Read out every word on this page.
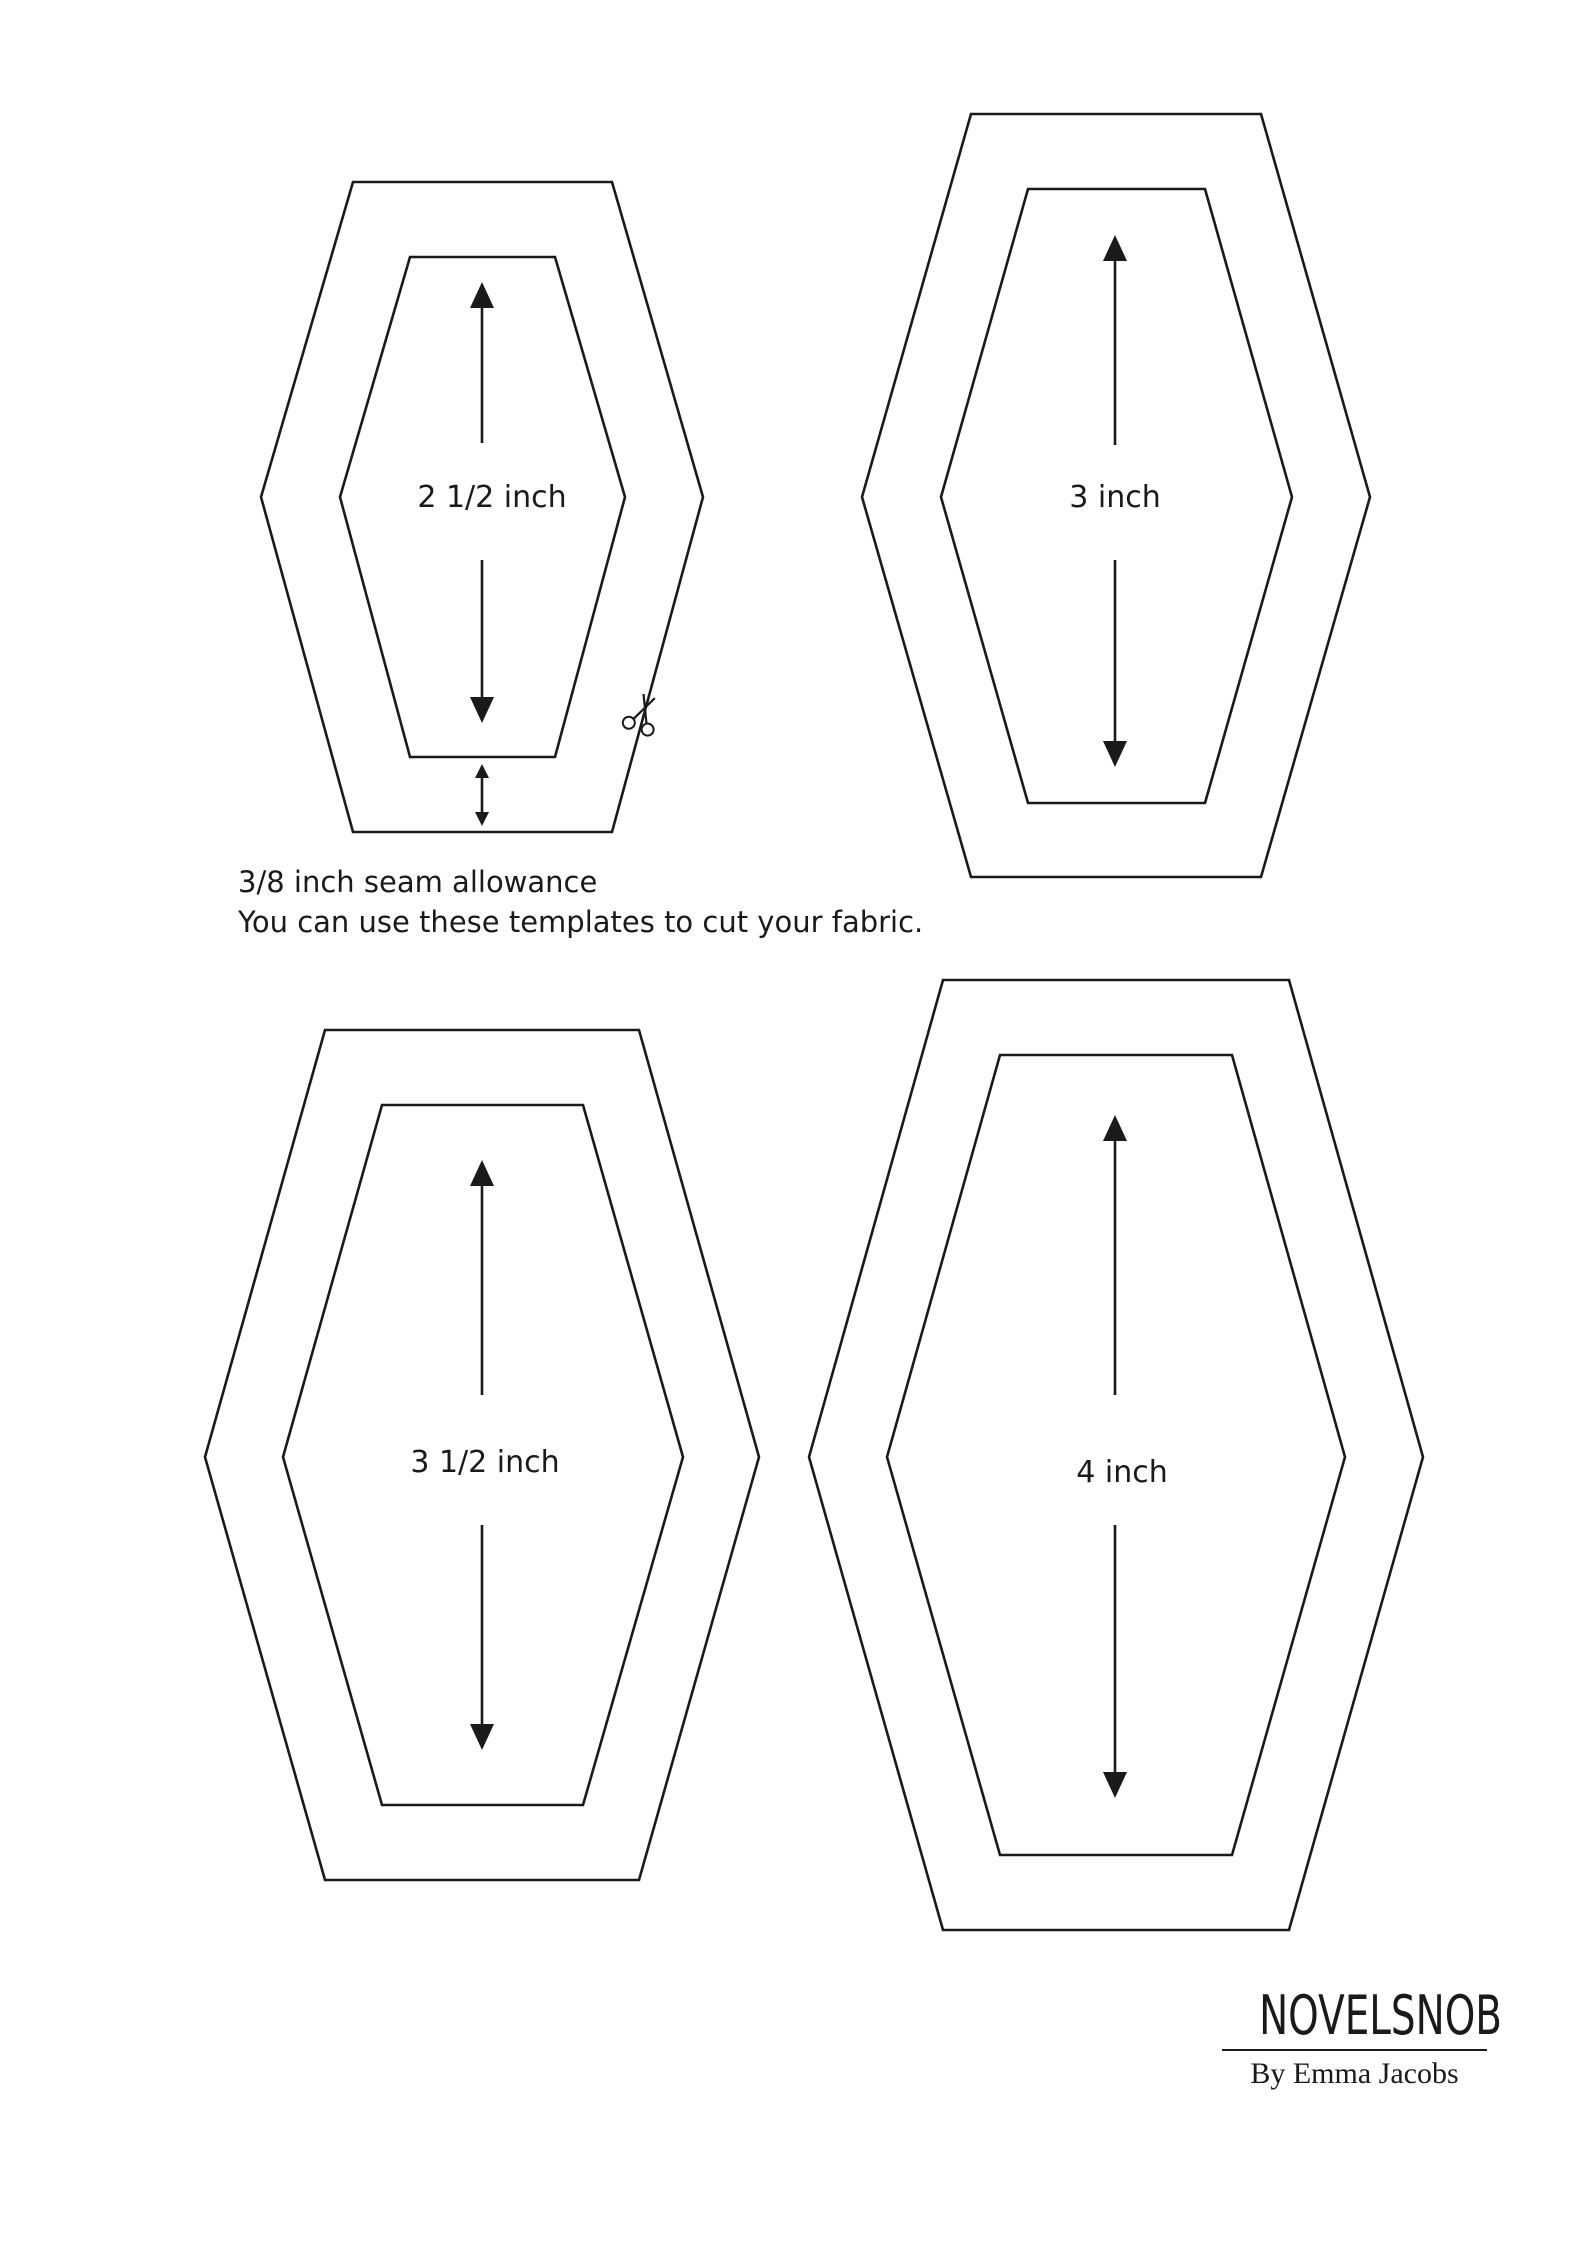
2 1/2 inch	3 inch
3 1/2 inch	4 inch
3/8 inch seam allowance
You can use these templates to cut your fabric.
NOVELSNOB
By Emma Jacobs
